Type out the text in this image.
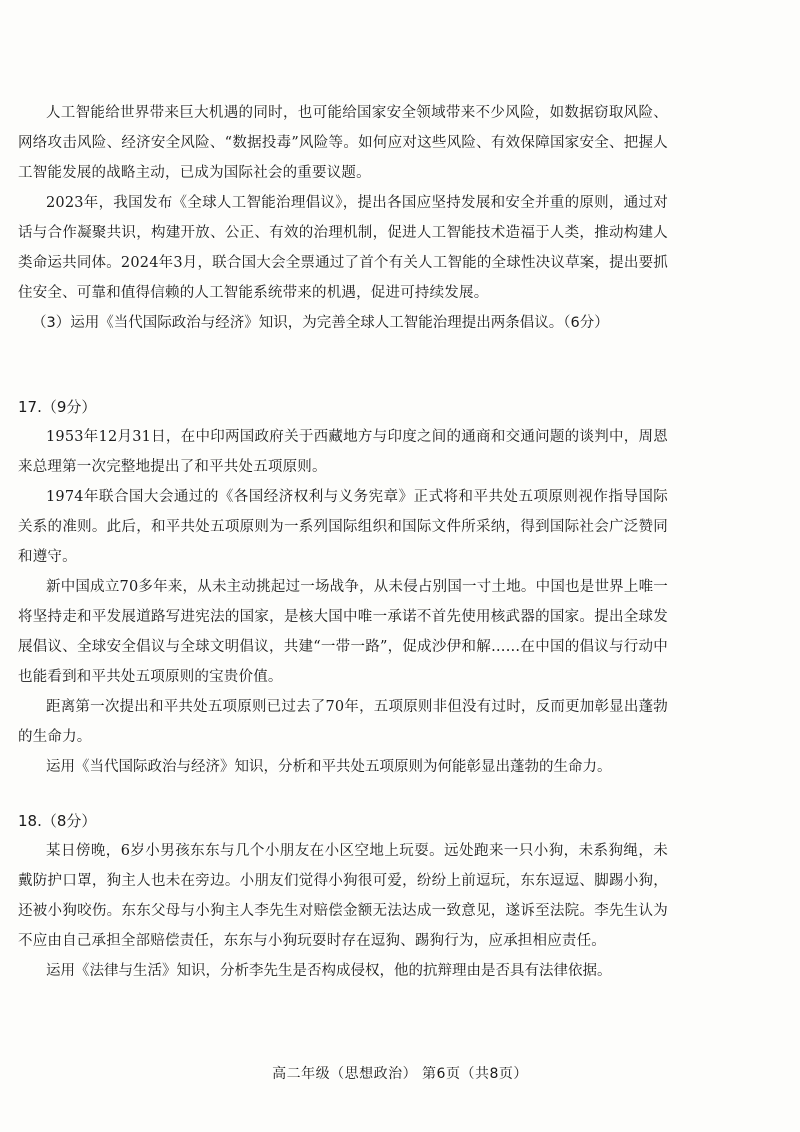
人工智能给世界带来巨大机遇的同时，也可能给国家安全领域带来不少风险，如数据窃取风险、网络攻击风险、经济安全风险、“数据投毒”风险等。如何应对这些风险、有效保障国家安全、把握人工智能发展的战略主动，已成为国际社会的重要议题。

2023年，我国发布《全球人工智能治理倡议》，提出各国应坚持发展和安全并重的原则，通过对话与合作凝聚共识，构建开放、公正、有效的治理机制，促进人工智能技术造福于人类，推动构建人类命运共同体。2024年3月，联合国大会全票通过了首个有关人工智能的全球性决议草案，提出要抓住安全、可靠和值得信赖的人工智能系统带来的机遇，促进可持续发展。

（3）运用《当代国际政治与经济》知识，为完善全球人工智能治理提出两条倡议。（6分）

17.（9分）

1953年12月31日，在中印两国政府关于西藏地方与印度之间的通商和交通问题的谈判中，周恩来总理第一次完整地提出了和平共处五项原则。

1974年联合国大会通过的《各国经济权利与义务宪章》正式将和平共处五项原则视作指导国际关系的准则。此后，和平共处五项原则为一系列国际组织和国际文件所采纳，得到国际社会广泛赞同和遵守。

新中国成立70多年来，从未主动挑起过一场战争，从未侵占别国一寸土地。中国也是世界上唯一将坚持走和平发展道路写进宪法的国家，是核大国中唯一承诺不首先使用核武器的国家。提出全球发展倡议、全球安全倡议与全球文明倡议，共建“一带一路”，促成沙伊和解……在中国的倡议与行动中也能看到和平共处五项原则的宝贵价值。

距离第一次提出和平共处五项原则已过去了70年，五项原则非但没有过时，反而更加彰显出蓬勃的生命力。

运用《当代国际政治与经济》知识，分析和平共处五项原则为何能彰显出蓬勃的生命力。

18.（8分）

某日傍晚，6岁小男孩东东与几个小朋友在小区空地上玩耍。远处跑来一只小狗，未系狗绳，未戴防护口罩，狗主人也未在旁边。小朋友们觉得小狗很可爱，纷纷上前逗玩，东东逗逗、脚踢小狗，还被小狗咬伤。东东父母与小狗主人李先生对赔偿金额无法达成一致意见，遂诉至法院。李先生认为不应由自己承担全部赔偿责任，东东与小狗玩耍时存在逗狗、踢狗行为，应承担相应责任。

运用《法律与生活》知识，分析李先生是否构成侵权，他的抗辩理由是否具有法律依据。

高二年级（思想政治） 第6页（共8页）
